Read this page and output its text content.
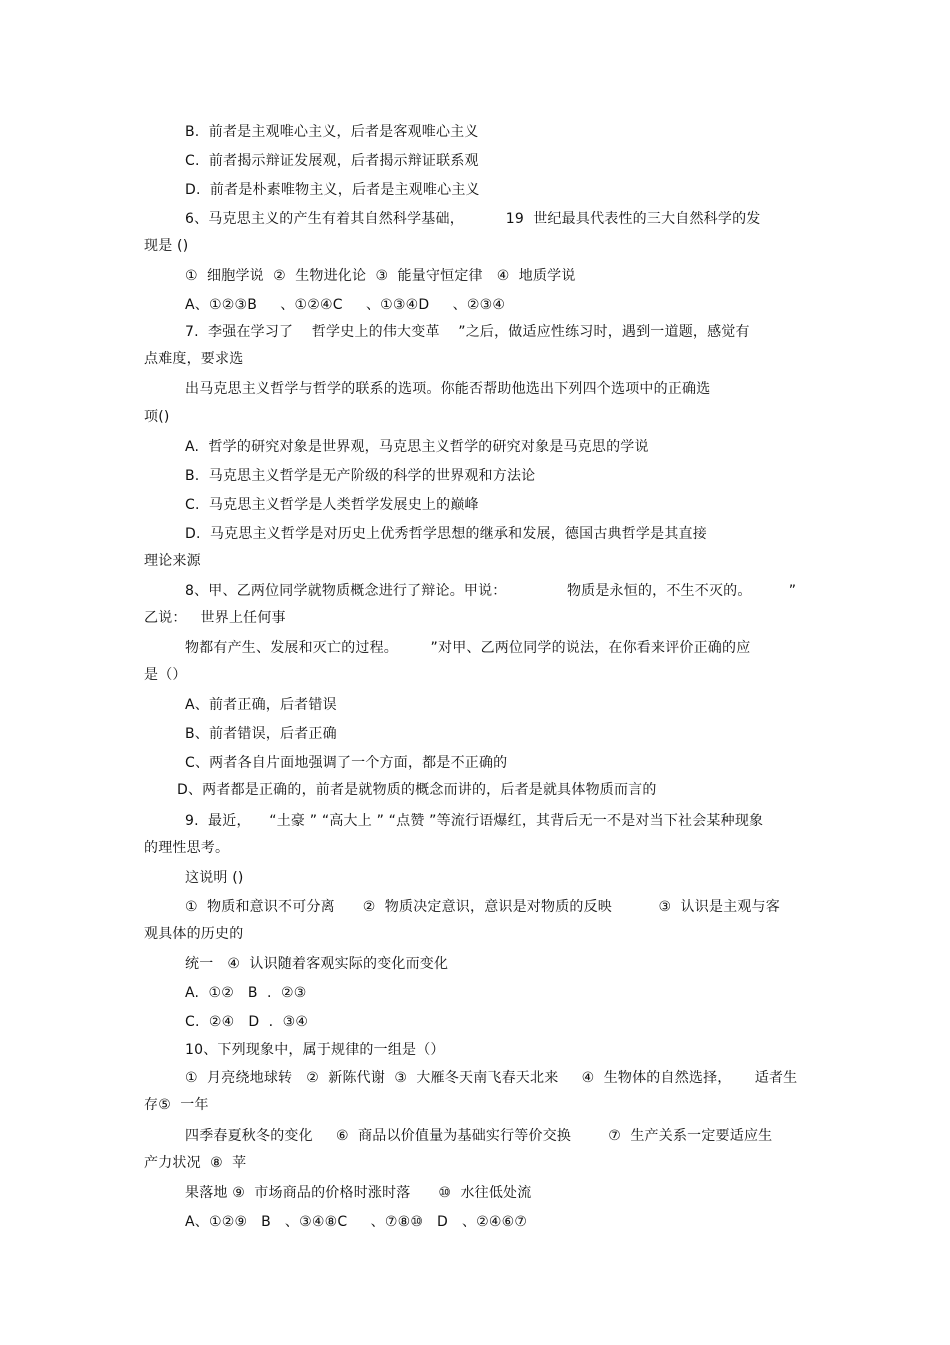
B.  前者是主观唯心主义，后者是客观唯心主义
C.  前者揭示辩证发展观，后者揭示辩证联系观
D.  前者是朴素唯物主义，后者是主观唯心主义
6、马克思主义的产生有着其自然科学基础，         19  世纪最具代表性的三大自然科学的发
现是 ()
①  细胞学说  ②  生物进化论  ③  能量守恒定律   ④  地质学说
A、①②③B     、①②④C     、①③④D     、②③④
7.  李强在学习了    哲学史上的伟大变革    ”之后，做适应性练习时，遇到一道题，感觉有
点难度，要求选
出马克思主义哲学与哲学的联系的选项。你能否帮助他选出下列四个选项中的正确选
项()
A.  哲学的研究对象是世界观，马克思主义哲学的研究对象是马克思的学说
B.  马克思主义哲学是无产阶级的科学的世界观和方法论
C.  马克思主义哲学是人类哲学发展史上的巅峰
D.  马克思主义哲学是对历史上优秀哲学思想的继承和发展，德国古典哲学是其直接
理论来源
8、甲、乙两位同学就物质概念进行了辩论。甲说：             物质是永恒的，不生不灭的。        ”
乙说：   世界上任何事
物都有产生、发展和灭亡的过程。       ”对甲、乙两位同学的说法，在你看来评价正确的应
是（）
A、前者正确，后者错误
B、前者错误，后者正确
C、两者各自片面地强调了一个方面，都是不正确的
D、两者都是正确的，前者是就物质的概念而讲的，后者是就具体物质而言的
9.  最近，    “土豪 ” “高大上 ” “点赞 ”等流行语爆红，其背后无一不是对当下社会某种现象
的理性思考。
这说明 ()
①  物质和意识不可分离      ②  物质决定意识，意识是对物质的反映          ③  认识是主观与客
观具体的历史的
统一   ④  认识随着客观实际的变化而变化
A.  ①②   B  .  ②③
C.  ②④   D  .  ③④
10、下列现象中，属于规律的一组是（）
①  月亮绕地球转   ②  新陈代谢  ③  大雁冬天南飞春天北来     ④  生物体的自然选择，     适者生
存⑤  一年
四季春夏秋冬的变化     ⑥  商品以价值量为基础实行等价交换        ⑦  生产关系一定要适应生
产力状况  ⑧  苹
果落地 ⑨  市场商品的价格时涨时落      ⑩  水往低处流
A、①②⑨   B   、③④⑧C     、⑦⑧⑩   D   、②④⑥⑦
